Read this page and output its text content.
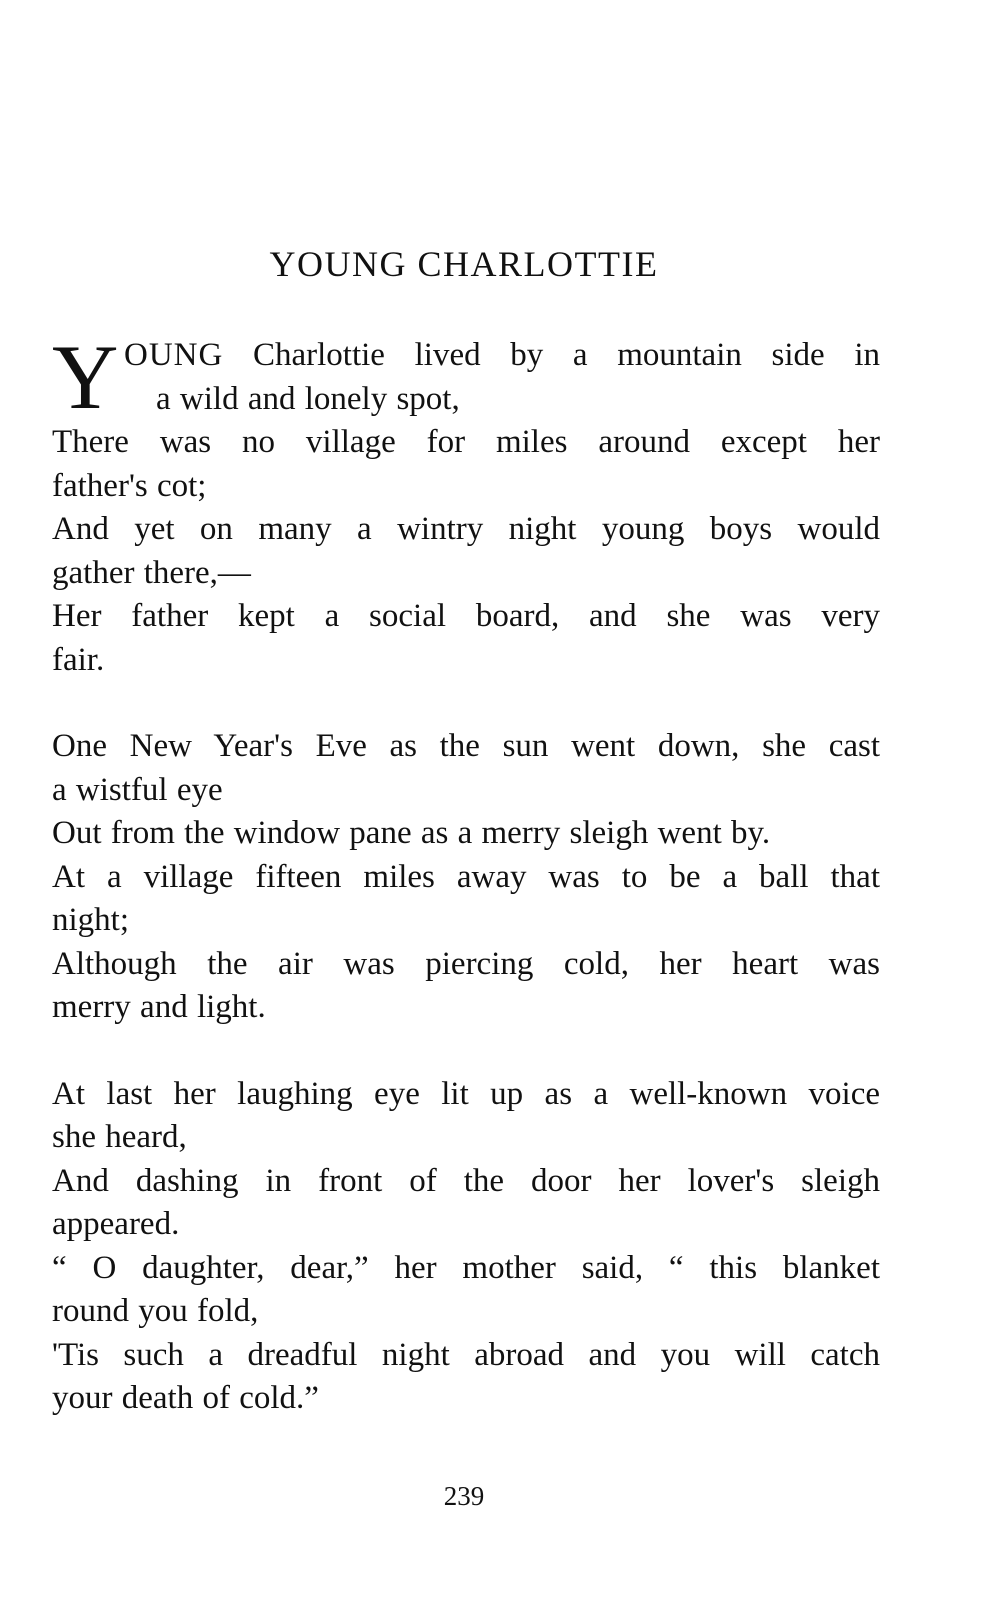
YOUNG CHARLOTTIE
Y OUNG Charlottie lived by a mountain side in
a wild and lonely spot,
There was no village for miles around except her
father's cot;
And yet on many a wintry night young boys would
gather there,—
Her father kept a social board, and she was very
fair.
One New Year's Eve as the sun went down, she cast
a wistful eye
Out from the window pane as a merry sleigh went by.
At a village fifteen miles away was to be a ball that
night;
Although the air was piercing cold, her heart was
merry and light.
At last her laughing eye lit up as a well-known voice
she heard,
And dashing in front of the door her lover's sleigh
appeared.
“ O daughter, dear,” her mother said, “ this blanket
round you fold,
'Tis such a dreadful night abroad and you will catch
your death of cold.”
239
